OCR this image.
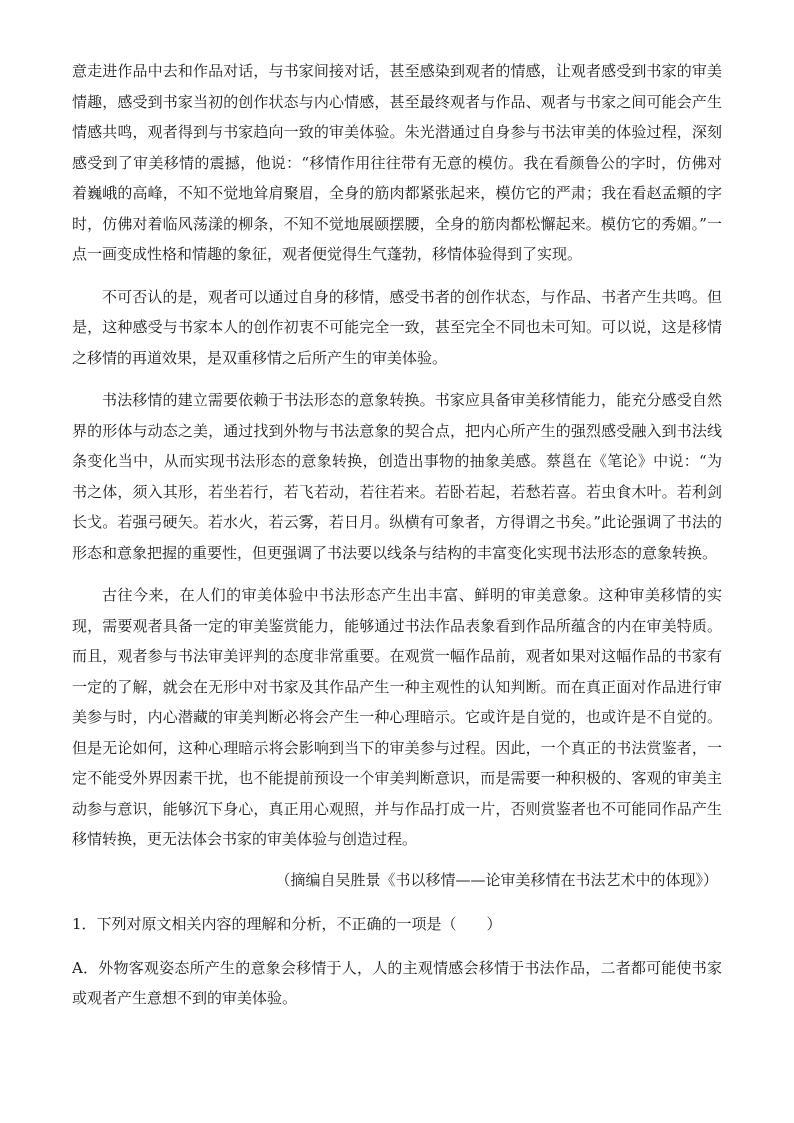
意走进作品中去和作品对话，与书家间接对话，甚至感染到观者的情感，让观者感受到书家的审美情趣，感受到书家当初的创作状态与内心情感，甚至最终观者与作品、观者与书家之间可能会产生情感共鸣，观者得到与书家趋向一致的审美体验。朱光潜通过自身参与书法审美的体验过程，深刻感受到了审美移情的震撼，他说：“移情作用往往带有无意的模仿。我在看颜鲁公的字时，仿佛对着巍峨的高峰，不知不觉地耸肩聚眉，全身的筋肉都紧张起来，模仿它的严肃；我在看赵孟頫的字时，仿佛对着临风荡漾的柳条，不知不觉地展颐摆腰，全身的筋肉都松懈起来。模仿它的秀媚。”一点一画变成性格和情趣的象征，观者便觉得生气蓬勃，移情体验得到了实现。

不可否认的是，观者可以通过自身的移情，感受书者的创作状态，与作品、书者产生共鸣。但是，这种感受与书家本人的创作初衷不可能完全一致，甚至完全不同也未可知。可以说，这是移情之移情的再道效果，是双重移情之后所产生的审美体验。

书法移情的建立需要依赖于书法形态的意象转换。书家应具备审美移情能力，能充分感受自然界的形体与动态之美，通过找到外物与书法意象的契合点，把内心所产生的强烈感受融入到书法线条变化当中，从而实现书法形态的意象转换，创造出事物的抽象美感。蔡邕在《笔论》中说：“为书之体，须入其形，若坐若行，若飞若动，若往若来。若卧若起，若愁若喜。若虫食木叶。若利剑长戈。若强弓硬矢。若水火，若云雾，若日月。纵横有可象者，方得谓之书矣。”此论强调了书法的形态和意象把握的重要性，但更强调了书法要以线条与结构的丰富变化实现书法形态的意象转换。

古往今来，在人们的审美体验中书法形态产生出丰富、鲜明的审美意象。这种审美移情的实现，需要观者具备一定的审美鉴赏能力，能够通过书法作品表象看到作品所蕴含的内在审美特质。而且，观者参与书法审美评判的态度非常重要。在观赏一幅作品前，观者如果对这幅作品的书家有一定的了解，就会在无形中对书家及其作品产生一种主观性的认知判断。而在真正面对作品进行审美参与时，内心潜藏的审美判断必将会产生一种心理暗示。它或许是自觉的，也或许是不自觉的。但是无论如何，这种心理暗示将会影响到当下的审美参与过程。因此，一个真正的书法赏鉴者，一定不能受外界因素干扰，也不能提前预设一个审美判断意识，而是需要一种积极的、客观的审美主动参与意识，能够沉下身心，真正用心观照，并与作品打成一片，否则赏鉴者也不可能同作品产生移情转换，更无法体会书家的审美体验与创造过程。

（摘编自吴胜景《书以移情——论审美移情在书法艺术中的体现》）

1．下列对原文相关内容的理解和分析，不正确的一项是（　　）

A．外物客观姿态所产生的意象会移情于人，人的主观情感会移情于书法作品，二者都可能使书家或观者产生意想不到的审美体验。
